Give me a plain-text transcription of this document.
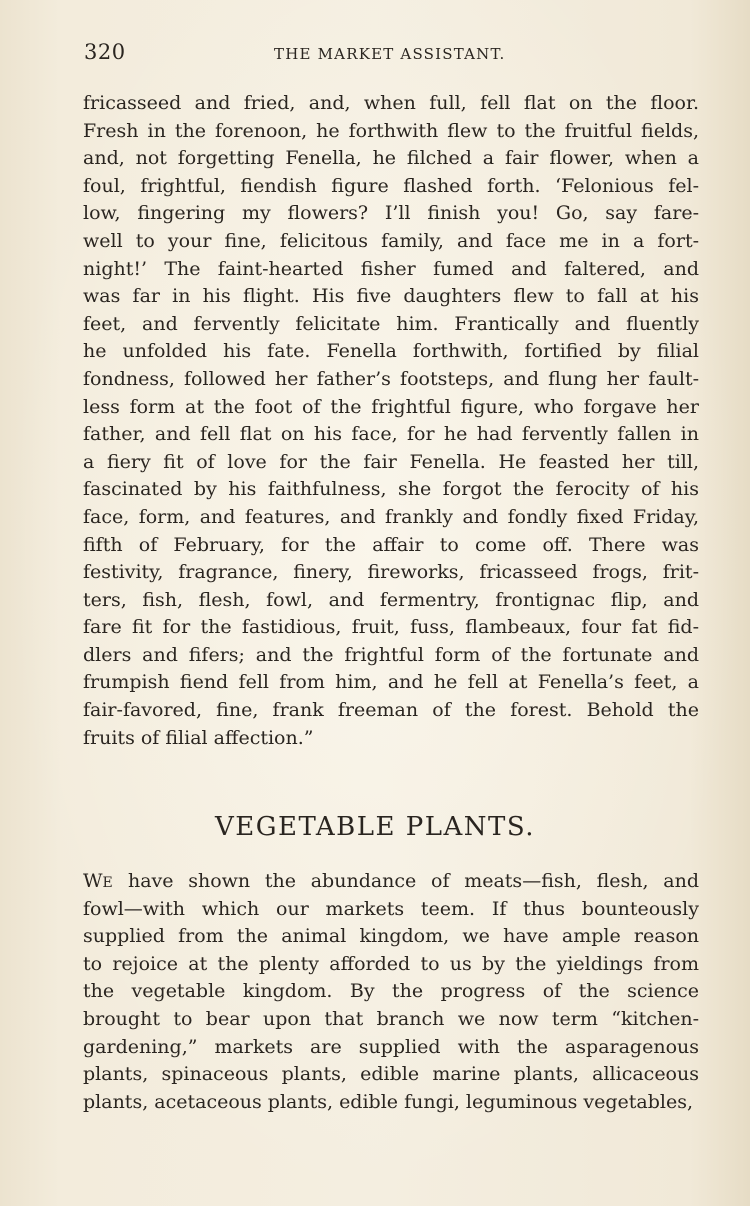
320	THE MARKET ASSISTANT.

fricasseed and fried, and, when full, fell flat on the floor.
Fresh in the forenoon, he forthwith flew to the fruitful fields,
and, not forgetting Fenella, he filched a fair flower, when a
foul, frightful, fiendish figure flashed forth. ‘Felonious fel-
low, fingering my flowers? I’ll finish you! Go, say fare-
well to your fine, felicitous family, and face me in a fort-
night!’ The faint-hearted fisher fumed and faltered, and
was far in his flight. His five daughters flew to fall at his
feet, and fervently felicitate him. Frantically and fluently
he unfolded his fate. Fenella forthwith, fortified by filial
fondness, followed her father’s footsteps, and flung her fault-
less form at the foot of the frightful figure, who forgave her
father, and fell flat on his face, for he had fervently fallen in
a fiery fit of love for the fair Fenella. He feasted her till,
fascinated by his faithfulness, she forgot the ferocity of his
face, form, and features, and frankly and fondly fixed Friday,
fifth of February, for the affair to come off. There was
festivity, fragrance, finery, fireworks, fricasseed frogs, frit-
ters, fish, flesh, fowl, and fermentry, frontignac flip, and
fare fit for the fastidious, fruit, fuss, flambeaux, four fat fid-
dlers and fifers; and the frightful form of the fortunate and
frumpish fiend fell from him, and he fell at Fenella’s feet, a
fair-favored, fine, frank freeman of the forest. Behold the
fruits of filial affection.”

VEGETABLE PLANTS.

WE have shown the abundance of meats—fish, flesh, and
fowl—with which our markets teem. If thus bounteously
supplied from the animal kingdom, we have ample reason
to rejoice at the plenty afforded to us by the yieldings from
the vegetable kingdom. By the progress of the science
brought to bear upon that branch we now term “kitchen-
gardening,” markets are supplied with the asparagenous
plants, spinaceous plants, edible marine plants, allicaceous
plants, acetaceous plants, edible fungi, leguminous vegetables,
